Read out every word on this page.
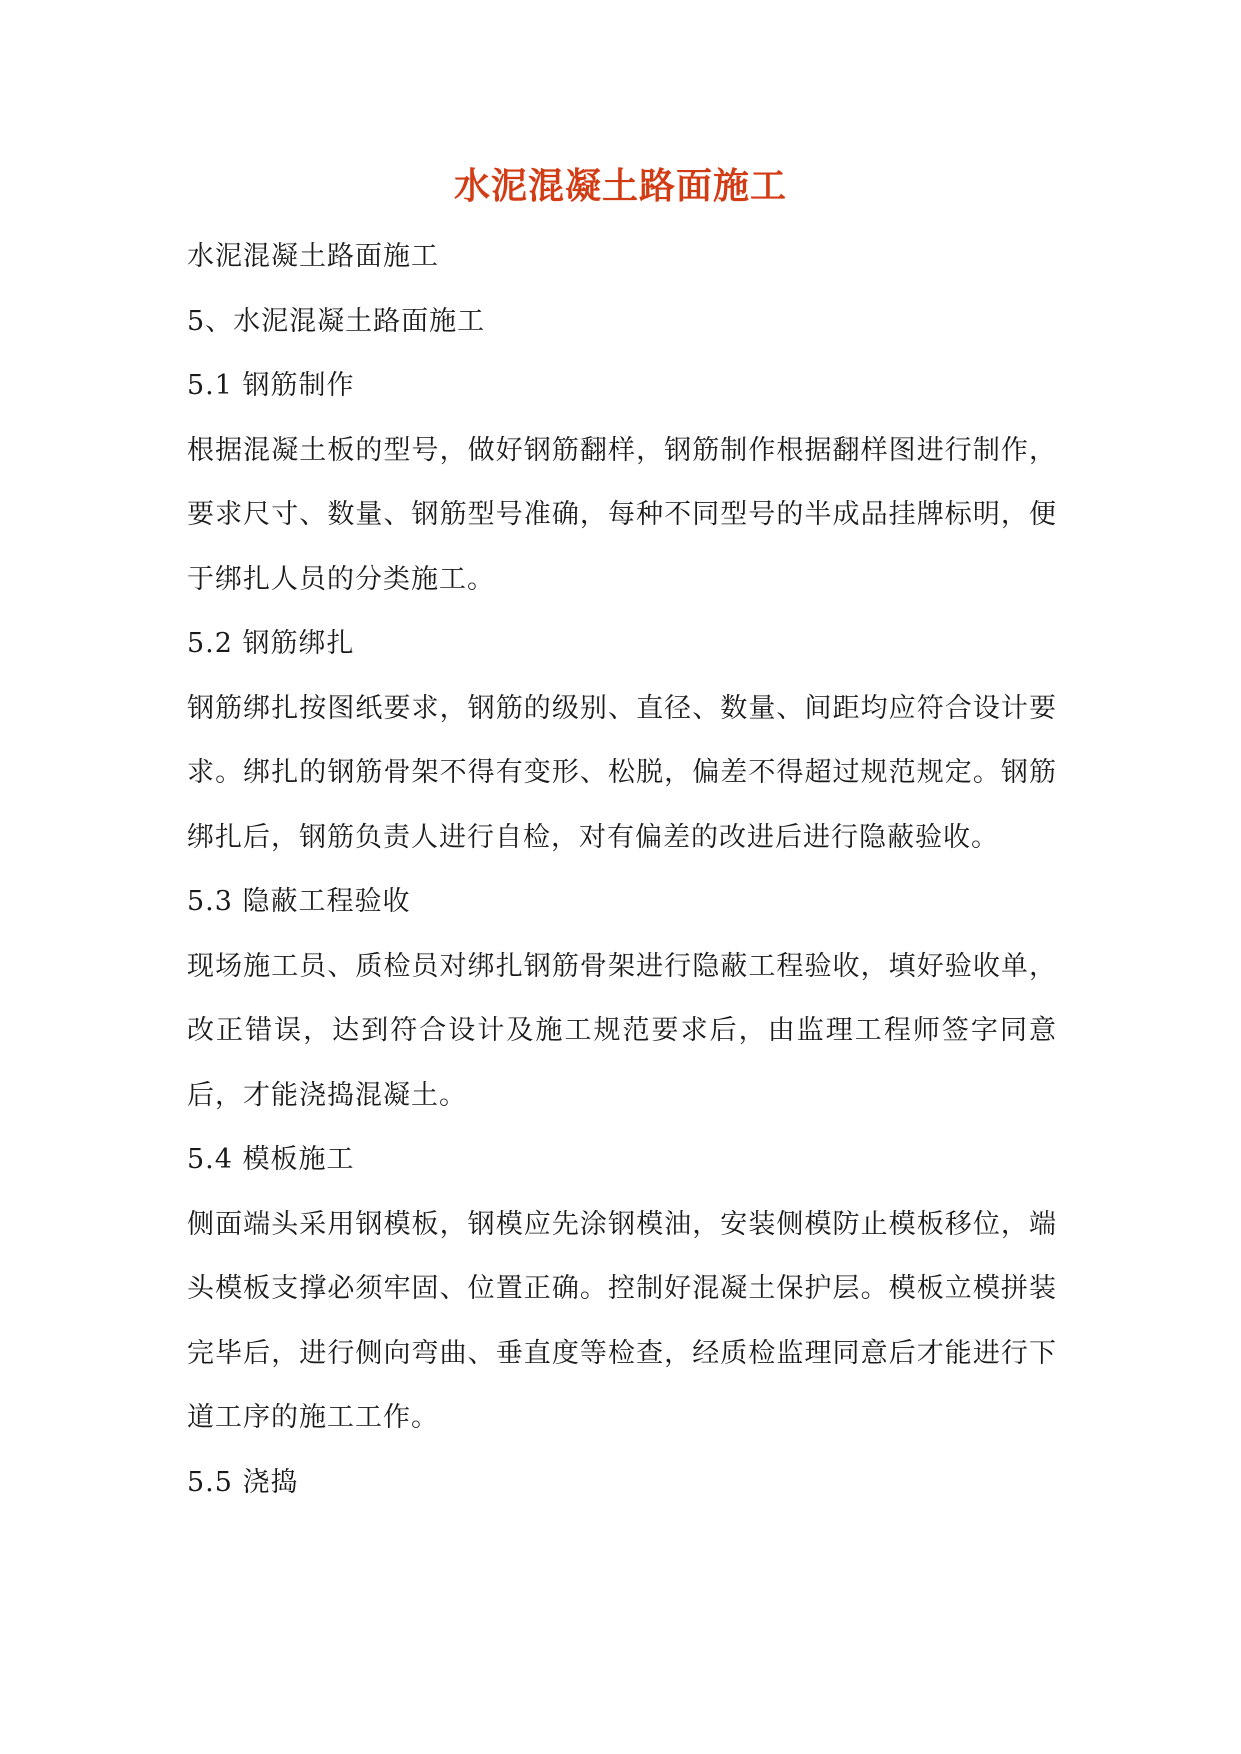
水泥混凝土路面施工

水泥混凝土路面施工

5、水泥混凝土路面施工

5.1 钢筋制作

根据混凝土板的型号，做好钢筋翻样，钢筋制作根据翻样图进行制作，要求尺寸、数量、钢筋型号准确，每种不同型号的半成品挂牌标明，便于绑扎人员的分类施工。

5.2 钢筋绑扎

钢筋绑扎按图纸要求，钢筋的级别、直径、数量、间距均应符合设计要求。绑扎的钢筋骨架不得有变形、松脱，偏差不得超过规范规定。钢筋绑扎后，钢筋负责人进行自检，对有偏差的改进后进行隐蔽验收。

5.3 隐蔽工程验收

现场施工员、质检员对绑扎钢筋骨架进行隐蔽工程验收，填好验收单，改正错误，达到符合设计及施工规范要求后，由监理工程师签字同意后，才能浇捣混凝土。

5.4 模板施工

侧面端头采用钢模板，钢模应先涂钢模油，安装侧模防止模板移位，端头模板支撑必须牢固、位置正确。控制好混凝土保护层。模板立模拼装完毕后，进行侧向弯曲、垂直度等检查，经质检监理同意后才能进行下道工序的施工工作。

5.5 浇捣
